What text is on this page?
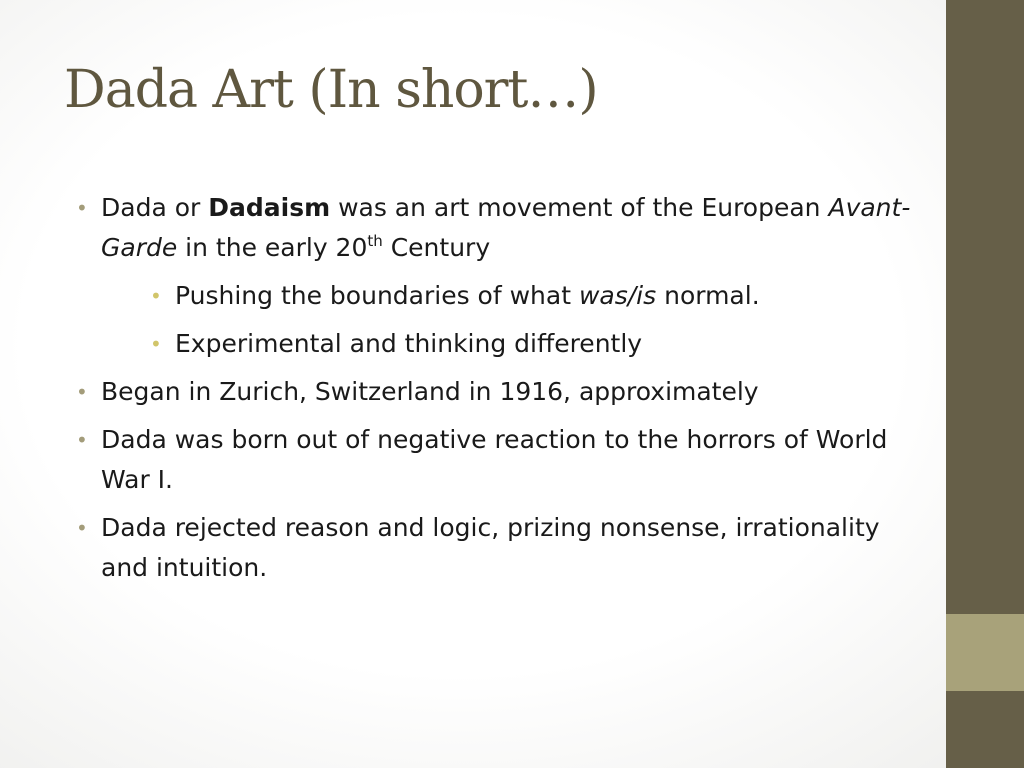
Dada Art (In short…)
• Dada or Dadaism was an art movement of the European Avant-Garde in the early 20th Century
• Pushing the boundaries of what was/is normal.
• Experimental and thinking differently
• Began in Zurich, Switzerland in 1916, approximately
• Dada was born out of negative reaction to the horrors of World War I.
• Dada rejected reason and logic, prizing nonsense, irrationality and intuition.
